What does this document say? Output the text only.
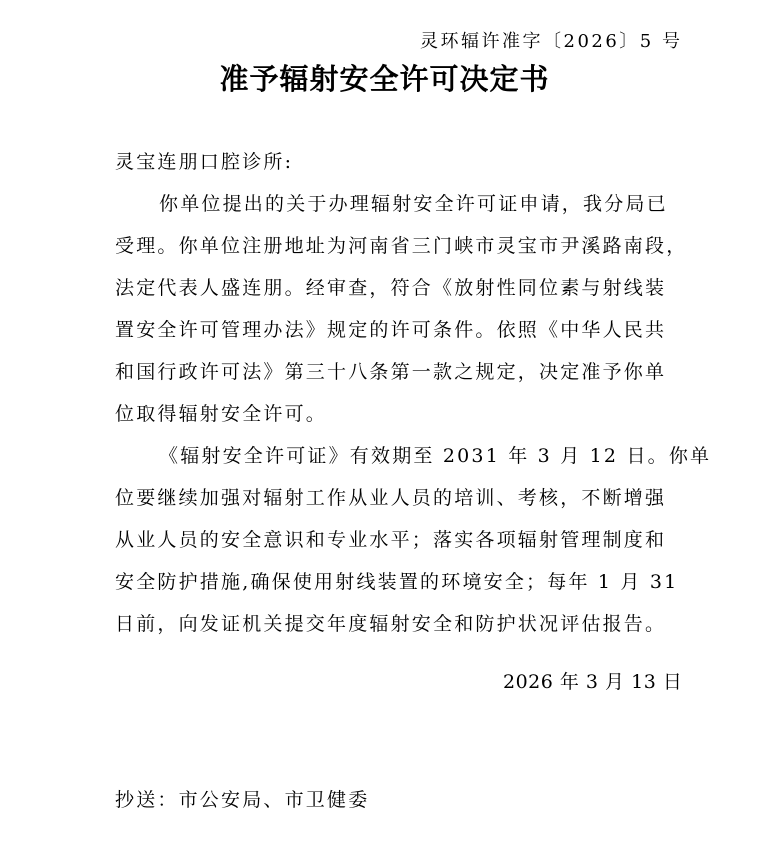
灵环辐许准字〔2026〕5 号
准予辐射安全许可决定书
灵宝连朋口腔诊所:
你单位提出的关于办理辐射安全许可证申请，我分局已
受理。你单位注册地址为河南省三门峡市灵宝市尹溪路南段，
法定代表人盛连朋。经审查，符合《放射性同位素与射线装
置安全许可管理办法》规定的许可条件。依照《中华人民共
和国行政许可法》第三十八条第一款之规定，决定准予你单
位取得辐射安全许可。
《辐射安全许可证》有效期至 2031 年 3 月 12 日。你单
位要继续加强对辐射工作从业人员的培训、考核，不断增强
从业人员的安全意识和专业水平；落实各项辐射管理制度和
安全防护措施,确保使用射线装置的环境安全；每年 1 月 31
日前，向发证机关提交年度辐射安全和防护状况评估报告。
2026 年 3 月 13 日
抄送：市公安局、市卫健委
